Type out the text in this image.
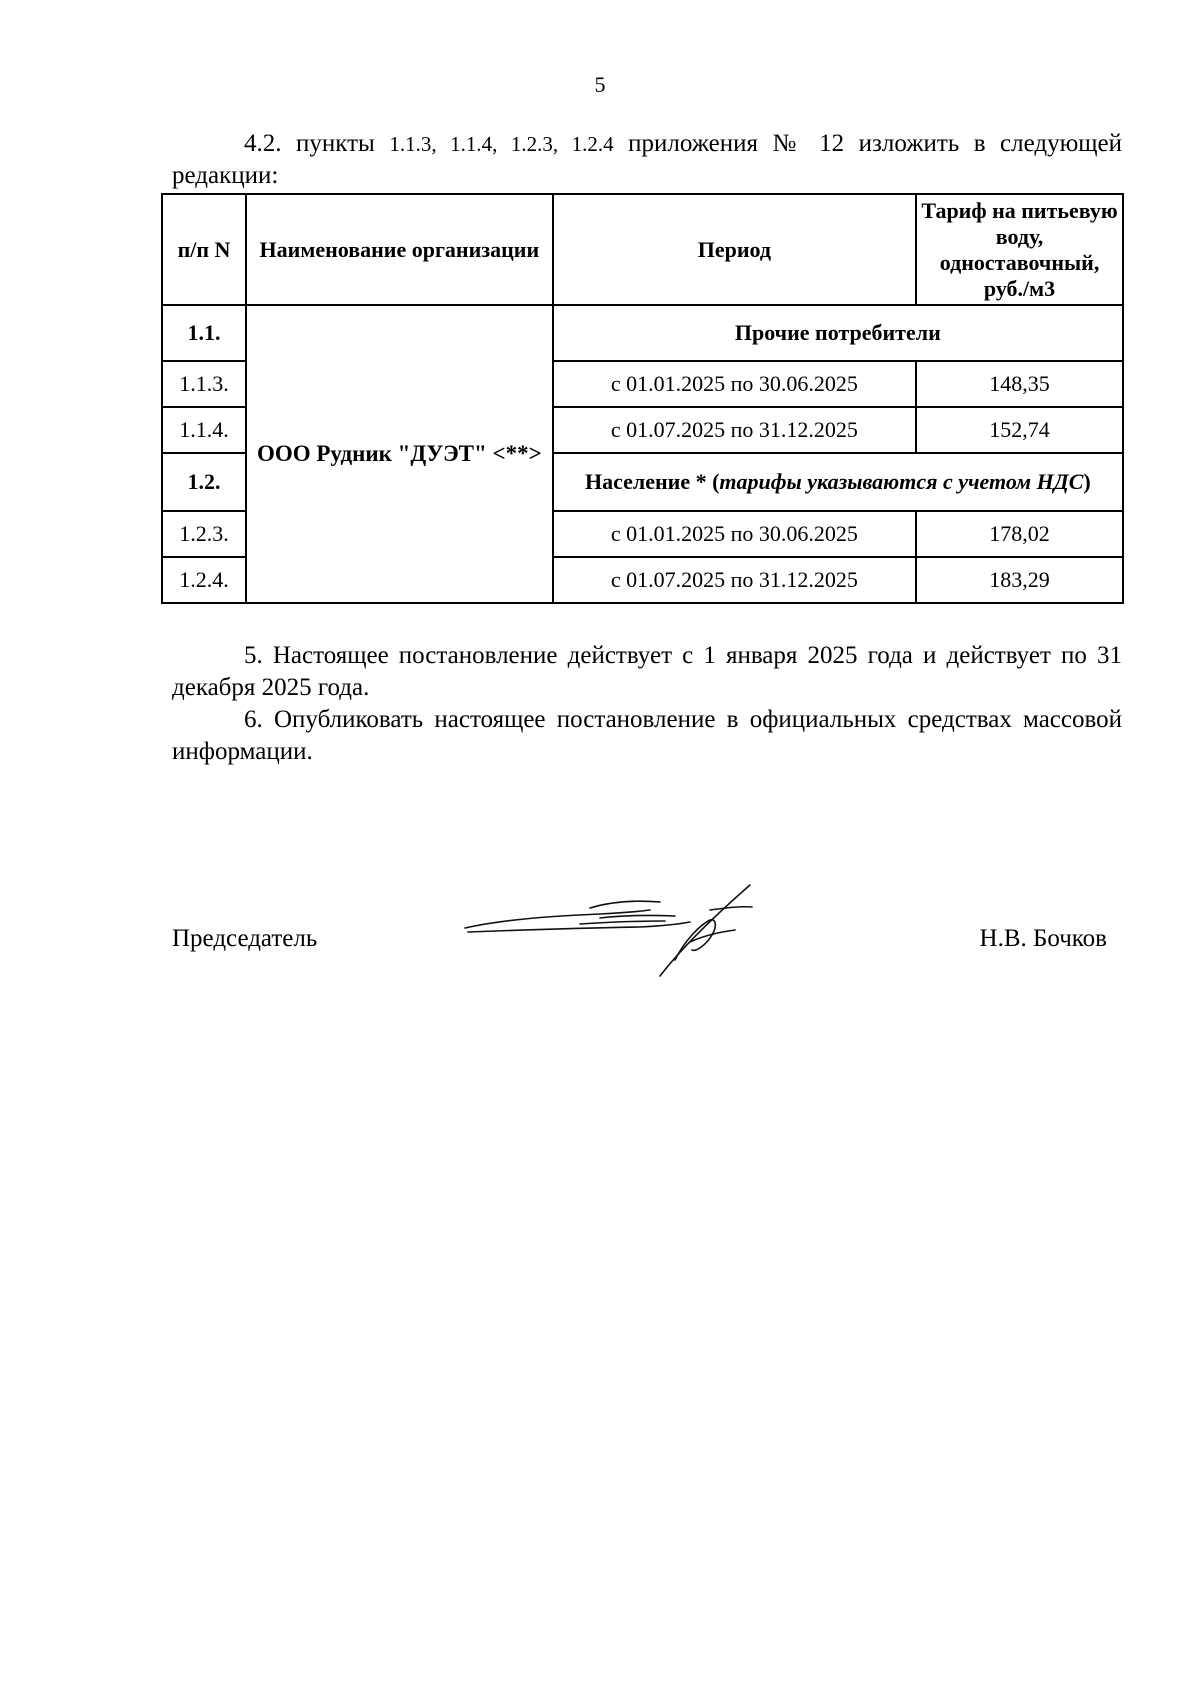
5
4.2. пункты 1.1.3, 1.1.4, 1.2.3, 1.2.4 приложения № 12 изложить в следующей редакции:
п/п N	Наименование организации	Период	Тариф на питьевую воду, одноставочный, руб./м3
1.1.	ООО Рудник "ДУЭТ" <**>	Прочие потребители	
1.1.3.		с 01.01.2025 по 30.06.2025	148,35
1.1.4.		с 01.07.2025 по 31.12.2025	152,74
1.2.		Население * (тарифы указываются с учетом НДС)	
1.2.3.		с 01.01.2025 по 30.06.2025	178,02
1.2.4.		с 01.07.2025 по 31.12.2025	183,29
5. Настоящее постановление действует с 1 января 2025 года и действует по 31 декабря 2025 года.
6. Опубликовать настоящее постановление в официальных средствах массовой информации.
Председатель	Н.В. Бочков
